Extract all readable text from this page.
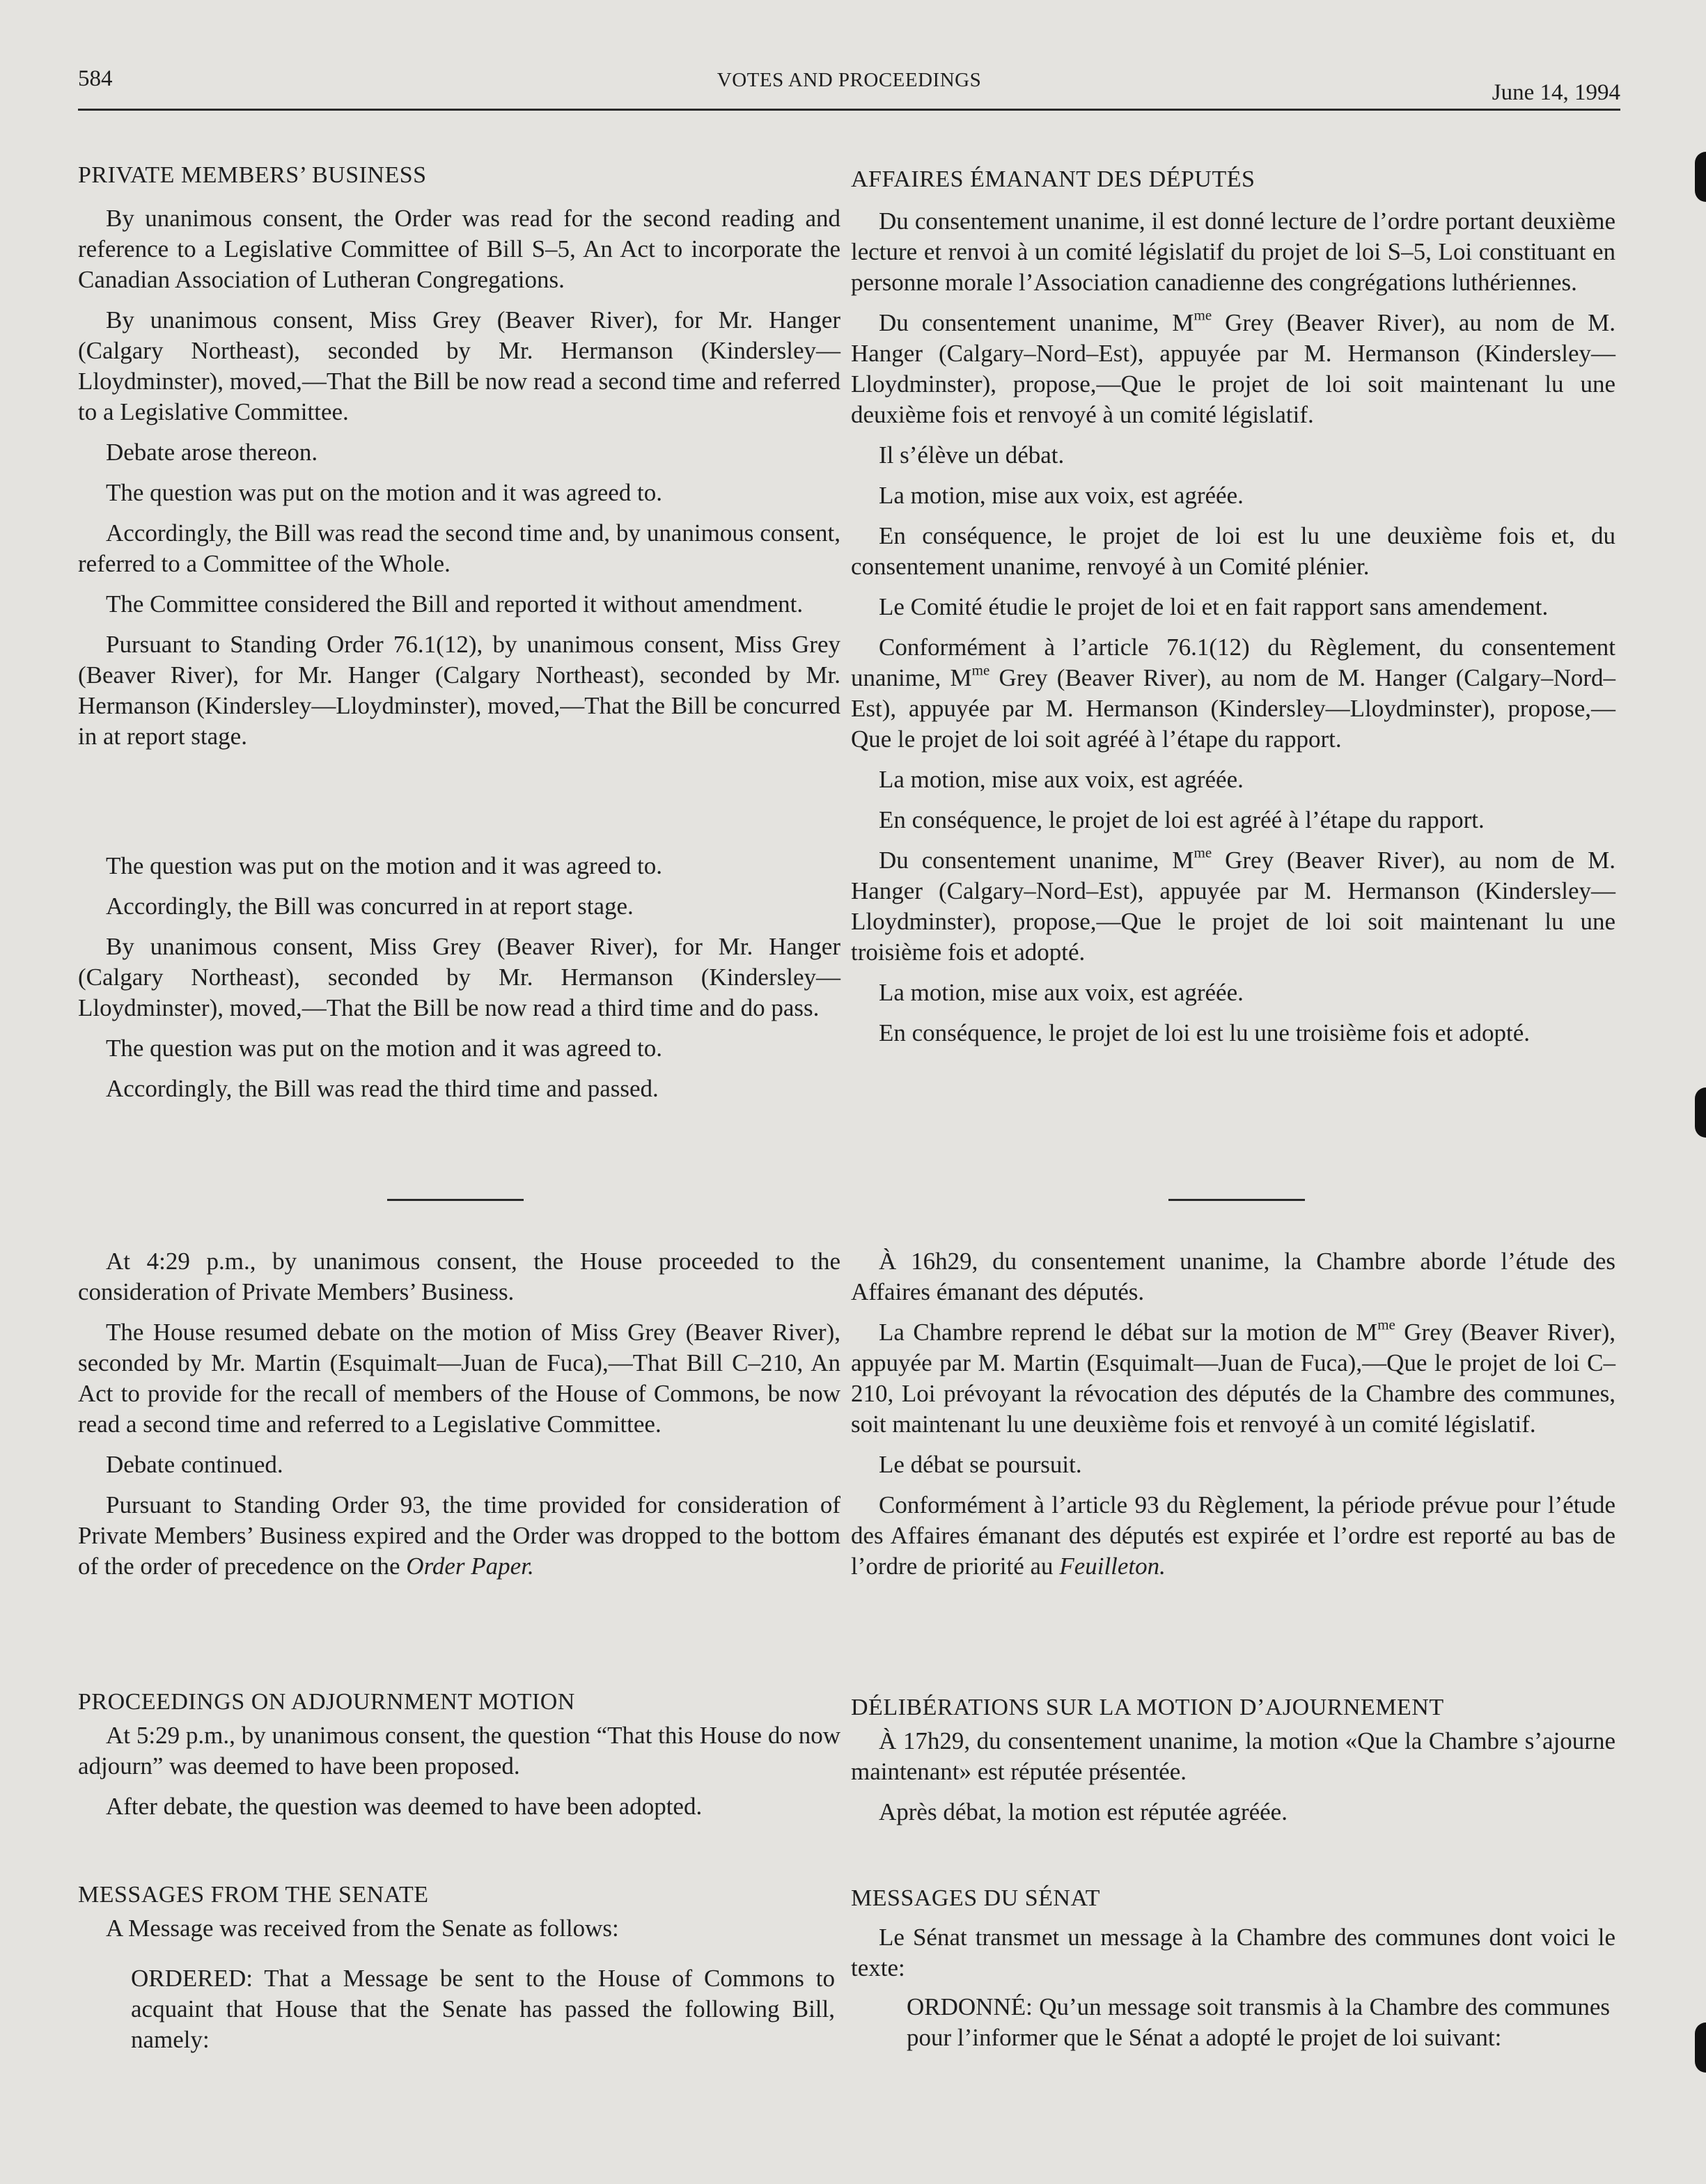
584	VOTES AND PROCEEDINGS	June 14, 1994
PRIVATE MEMBERS’ BUSINESS

By unanimous consent, the Order was read for the second reading and reference to a Legislative Committee of Bill S–5, An Act to incorporate the Canadian Association of Lutheran Congregations.

By unanimous consent, Miss Grey (Beaver River), for Mr. Hanger (Calgary Northeast), seconded by Mr. Hermanson (Kindersley—Lloydminster), moved,—That the Bill be now read a second time and referred to a Legislative Committee.

Debate arose thereon.

The question was put on the motion and it was agreed to.

Accordingly, the Bill was read the second time and, by unanimous consent, referred to a Committee of the Whole.

The Committee considered the Bill and reported it without amendment.

Pursuant to Standing Order 76.1(12), by unanimous consent, Miss Grey (Beaver River), for Mr. Hanger (Calgary Northeast), seconded by Mr. Hermanson (Kindersley—Lloydminster), moved,—That the Bill be concurred in at report stage.

The question was put on the motion and it was agreed to.

Accordingly, the Bill was concurred in at report stage.

By unanimous consent, Miss Grey (Beaver River), for Mr. Hanger (Calgary Northeast), seconded by Mr. Hermanson (Kindersley—Lloydminster), moved,—That the Bill be now read a third time and do pass.

The question was put on the motion and it was agreed to.

Accordingly, the Bill was read the third time and passed.

At 4:29 p.m., by unanimous consent, the House proceeded to the consideration of Private Members’ Business.

The House resumed debate on the motion of Miss Grey (Beaver River), seconded by Mr. Martin (Esquimalt—Juan de Fuca),—That Bill C–210, An Act to provide for the recall of members of the House of Commons, be now read a second time and referred to a Legislative Committee.

Debate continued.

Pursuant to Standing Order 93, the time provided for consideration of Private Members’ Business expired and the Order was dropped to the bottom of the order of precedence on the Order Paper.

PROCEEDINGS ON ADJOURNMENT MOTION

At 5:29 p.m., by unanimous consent, the question “That this House do now adjourn” was deemed to have been proposed.

After debate, the question was deemed to have been adopted.

MESSAGES FROM THE SENATE

A Message was received from the Senate as follows:

ORDERED: That a Message be sent to the House of Commons to acquaint that House that the Senate has passed the following Bill, namely:

AFFAIRES ÉMANANT DES DÉPUTÉS

Du consentement unanime, il est donné lecture de l’ordre portant deuxième lecture et renvoi à un comité législatif du projet de loi S–5, Loi constituant en personne morale l’Association canadienne des congrégations luthériennes.

Du consentement unanime, $M^{me}$ Grey (Beaver River), au nom de M. Hanger (Calgary–Nord–Est), appuyée par M. Hermanson (Kindersley—Lloydminster), propose,—Que le projet de loi soit maintenant lu une deuxième fois et renvoyé à un comité législatif.

Il s’élève un débat.

La motion, mise aux voix, est agréée.

En conséquence, le projet de loi est lu une deuxième fois et, du consentement unanime, renvoyé à un Comité plénier.

Le Comité étudie le projet de loi et en fait rapport sans amendement.

Conformément à l’article 76.1(12) du Règlement, du consentement unanime, $M^{me}$ Grey (Beaver River), au nom de M. Hanger (Calgary–Nord–Est), appuyée par M. Hermanson (Kindersley—Lloydminster), propose,—Que le projet de loi soit agréé à l’étape du rapport.

La motion, mise aux voix, est agréée.

En conséquence, le projet de loi est agréé à l’étape du rapport.

Du consentement unanime, $M^{me}$ Grey (Beaver River), au nom de M. Hanger (Calgary–Nord–Est), appuyée par M. Hermanson (Kindersley—Lloydminster), propose,—Que le projet de loi soit maintenant lu une troisième fois et adopté.

La motion, mise aux voix, est agréée.

En conséquence, le projet de loi est lu une troisième fois et adopté.

À 16h29, du consentement unanime, la Chambre aborde l’étude des Affaires émanant des députés.

La Chambre reprend le débat sur la motion de $M^{me}$ Grey (Beaver River), appuyée par M. Martin (Esquimalt—Juan de Fuca),—Que le projet de loi C–210, Loi prévoyant la révocation des députés de la Chambre des communes, soit maintenant lu une deuxième fois et renvoyé à un comité législatif.

Le débat se poursuit.

Conformément à l’article 93 du Règlement, la période prévue pour l’étude des Affaires émanant des députés est expirée et l’ordre est reporté au bas de l’ordre de priorité au Feuilleton.

DÉLIBÉRATIONS SUR LA MOTION D’AJOURNEMENT

À 17h29, du consentement unanime, la motion «Que la Chambre s’ajourne maintenant» est réputée présentée.

Après débat, la motion est réputée agréée.

MESSAGES DU SÉNAT

Le Sénat transmet un message à la Chambre des communes dont voici le texte:

ORDONNÉ: Qu’un message soit transmis à la Chambre des communes pour l’informer que le Sénat a adopté le projet de loi suivant:
